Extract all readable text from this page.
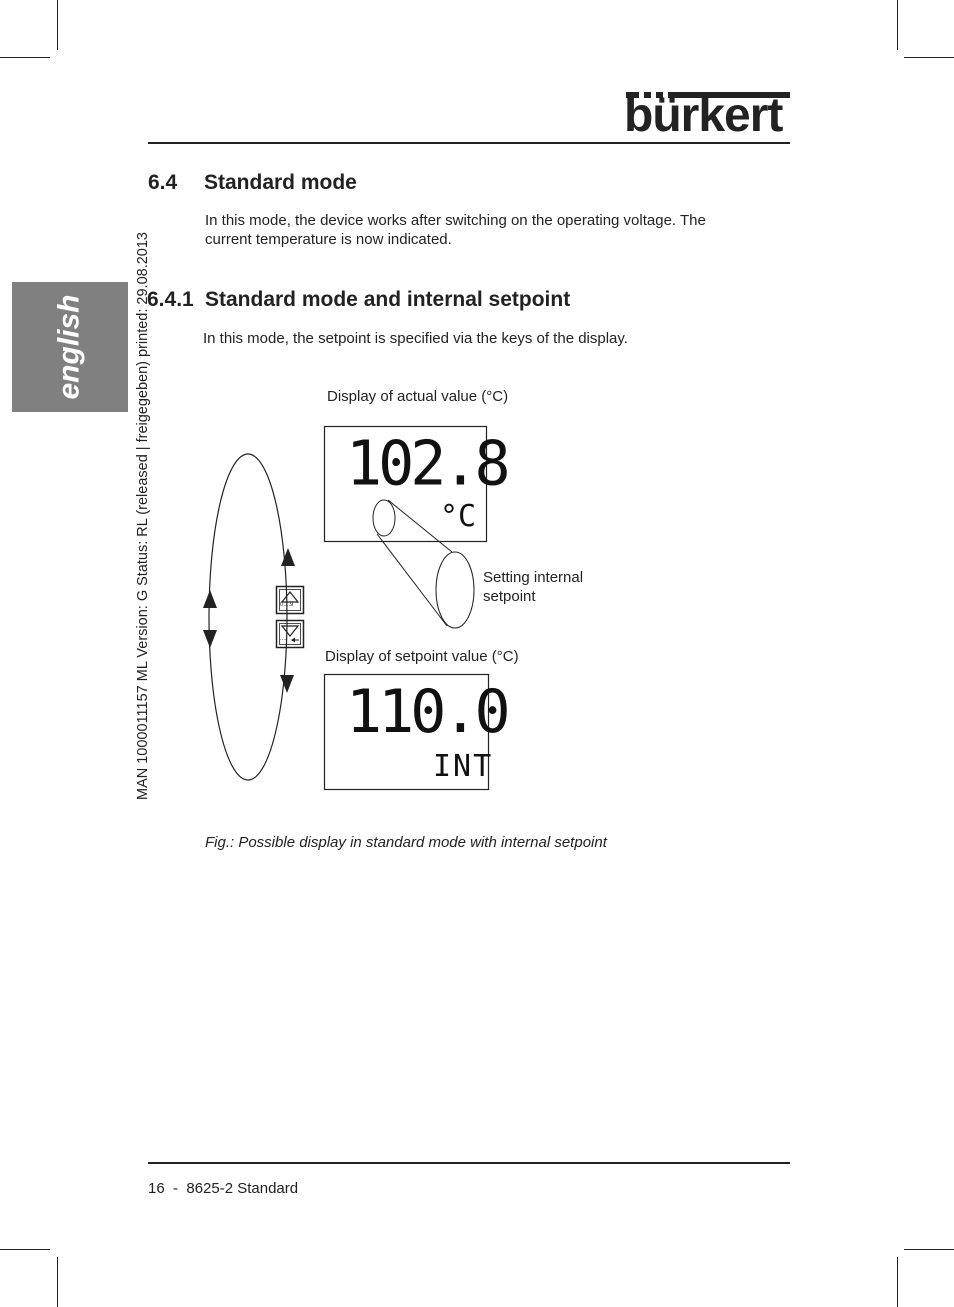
bürkert
english	MAN 1000011157 ML Version: G Status: RL (released | freigegeben) printed: 29.08.2013
6.4 Standard mode
In this mode, the device works after switching on the operating voltage. The
current temperature is now indicated.
6.4.1 Standard mode and internal setpoint
In this mode, the setpoint is specified via the keys of the display.
Display of actual value (°C)
102.8
°C
0....9
....
Setting internal
setpoint
Display of setpoint value (°C)
110.0
INT
Fig.: Possible display in standard mode with internal setpoint
16  -  8625-2 Standard
